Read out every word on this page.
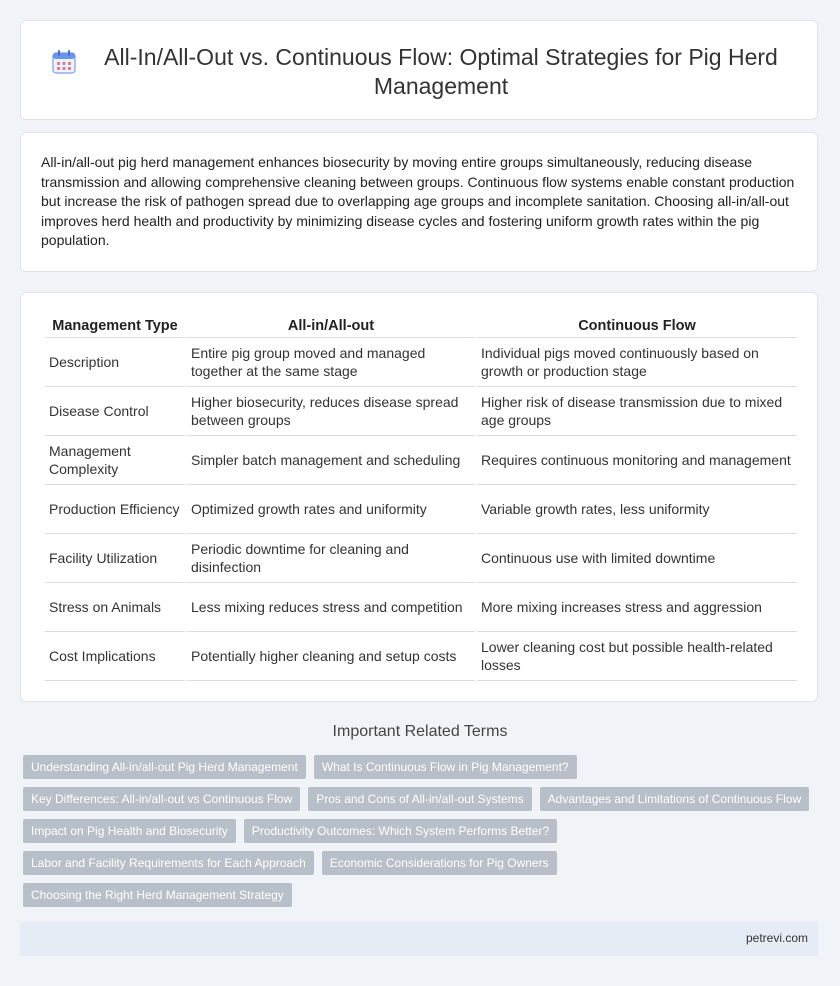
All-In/All-Out vs. Continuous Flow: Optimal Strategies for Pig Herd Management

All-in/all-out pig herd management enhances biosecurity by moving entire groups simultaneously, reducing disease transmission and allowing comprehensive cleaning between groups. Continuous flow systems enable constant production but increase the risk of pathogen spread due to overlapping age groups and incomplete sanitation. Choosing all-in/all-out improves herd health and productivity by minimizing disease cycles and fostering uniform growth rates within the pig population.

Management Type	All-in/All-out	Continuous Flow
Description	Entire pig group moved and managed together at the same stage	Individual pigs moved continuously based on growth or production stage
Disease Control	Higher biosecurity, reduces disease spread between groups	Higher risk of disease transmission due to mixed age groups
Management Complexity	Simpler batch management and scheduling	Requires continuous monitoring and management
Production Efficiency	Optimized growth rates and uniformity	Variable growth rates, less uniformity
Facility Utilization	Periodic downtime for cleaning and disinfection	Continuous use with limited downtime
Stress on Animals	Less mixing reduces stress and competition	More mixing increases stress and aggression
Cost Implications	Potentially higher cleaning and setup costs	Lower cleaning cost but possible health-related losses
Important Related Terms
Understanding All-in/all-out Pig Herd Management	What Is Continuous Flow in Pig Management?
Key Differences: All-in/all-out vs Continuous Flow	Pros and Cons of All-in/all-out Systems	Advantages and Limitations of Continuous Flow
Impact on Pig Health and Biosecurity	Productivity Outcomes: Which System Performs Better?
Labor and Facility Requirements for Each Approach	Economic Considerations for Pig Owners
Choosing the Right Herd Management Strategy
petrevi.com
